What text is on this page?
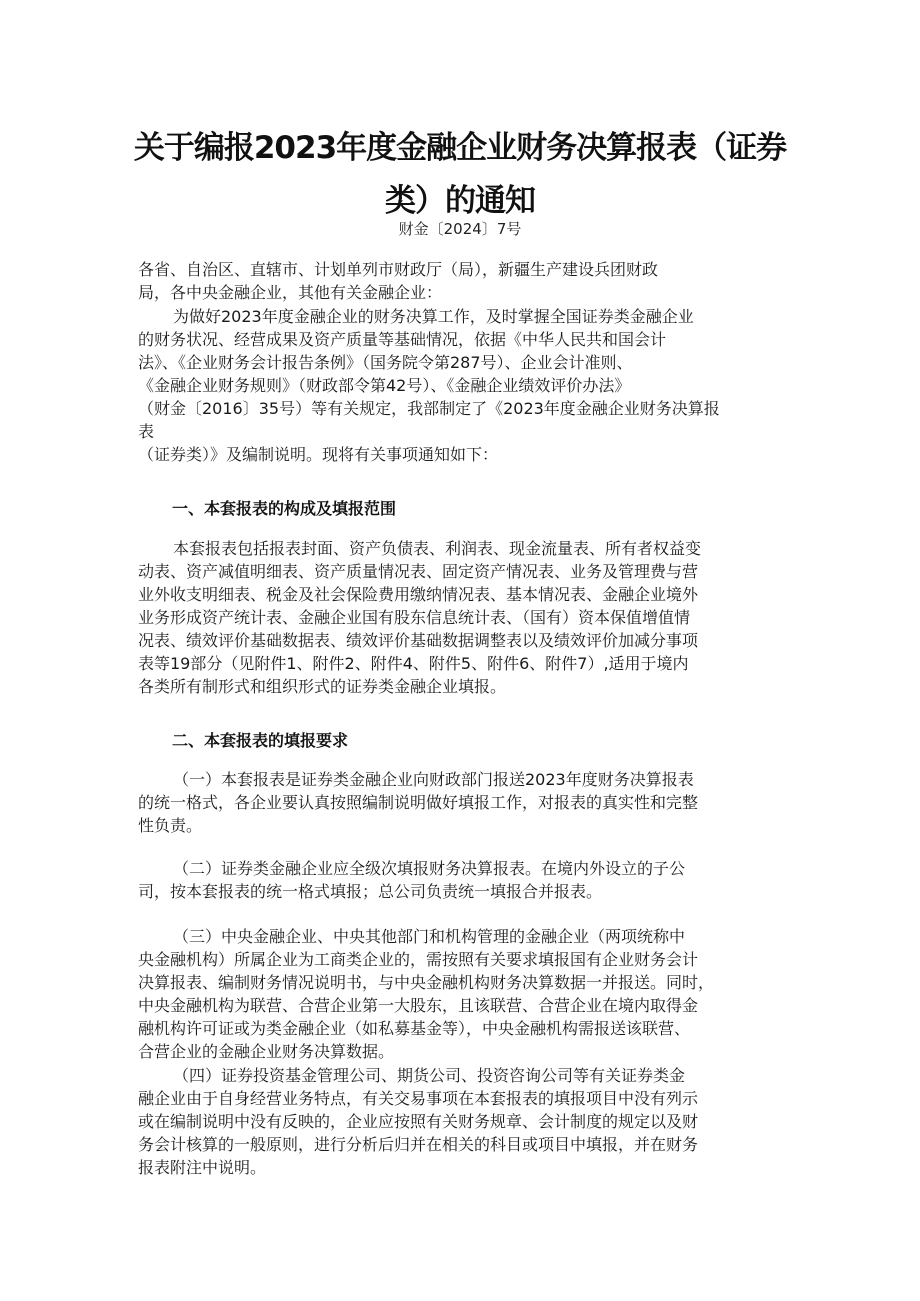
关于编报2023年度金融企业财务决算报表（证券
类）的通知
财金〔2024〕7号
各省、自治区、直辖市、计划单列市财政厅（局），新疆生产建设兵团财政
局，各中央金融企业，其他有关金融企业：
为做好2023年度金融企业的财务决算工作，及时掌握全国证券类金融企业
的财务状况、经营成果及资产质量等基础情况，依据《中华人民共和国会计
法》、《企业财务会计报告条例》（国务院令第287号）、企业会计准则、
《金融企业财务规则》（财政部令第42号）、《金融企业绩效评价办法》
（财金〔2016〕35号）等有关规定，我部制定了《2023年度金融企业财务决算报
表
（证券类）》及编制说明。现将有关事项通知如下：
一、本套报表的构成及填报范围
本套报表包括报表封面、资产负债表、利润表、现金流量表、所有者权益变
动表、资产减值明细表、资产质量情况表、固定资产情况表、业务及管理费与营
业外收支明细表、税金及社会保险费用缴纳情况表、基本情况表、金融企业境外
业务形成资产统计表、金融企业国有股东信息统计表、（国有）资本保值增值情
况表、绩效评价基础数据表、绩效评价基础数据调整表以及绩效评价加减分事项
表等19部分（见附件1、附件2、附件4、附件5、附件6、附件7）,适用于境内
各类所有制形式和组织形式的证券类金融企业填报。
二、本套报表的填报要求
（一）本套报表是证券类金融企业向财政部门报送2023年度财务决算报表
的统一格式，各企业要认真按照编制说明做好填报工作，对报表的真实性和完整
性负责。
（二）证券类金融企业应全级次填报财务决算报表。在境内外设立的子公
司，按本套报表的统一格式填报；总公司负责统一填报合并报表。
（三）中央金融企业、中央其他部门和机构管理的金融企业（两项统称中
央金融机构）所属企业为工商类企业的，需按照有关要求填报国有企业财务会计
决算报表、编制财务情况说明书，与中央金融机构财务决算数据一并报送。同时，
中央金融机构为联营、合营企业第一大股东，且该联营、合营企业在境内取得金
融机构许可证或为类金融企业（如私募基金等），中央金融机构需报送该联营、
合营企业的金融企业财务决算数据。
（四）证券投资基金管理公司、期货公司、投资咨询公司等有关证券类金
融企业由于自身经营业务特点，有关交易事项在本套报表的填报项目中没有列示
或在编制说明中没有反映的，企业应按照有关财务规章、会计制度的规定以及财
务会计核算的一般原则，进行分析后归并在相关的科目或项目中填报，并在财务
报表附注中说明。
